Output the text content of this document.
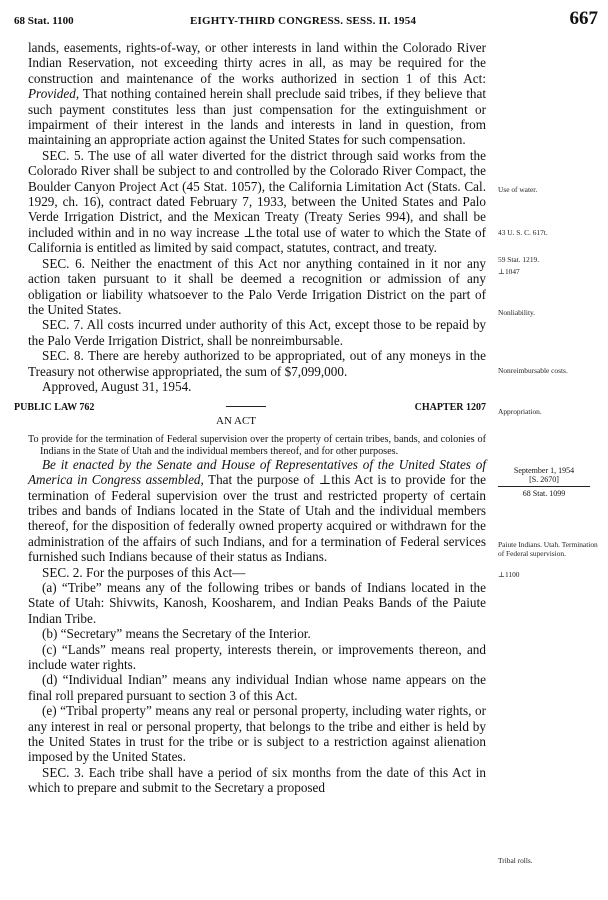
68 Stat. 1100	EIGHTY-THIRD CONGRESS. SESS. II. 1954	667

lands, easements, rights-of-way, or other interests in land within the Colorado River Indian Reservation, not exceeding thirty acres in all, as may be required for the construction and maintenance of the works authorized in section 1 of this Act: Provided, That nothing contained herein shall preclude said tribes, if they believe that such payment constitutes less than just compensation for the extinguishment or impairment of their interest in the lands and interests in land in question, from maintaining an appropriate action against the United States for such compensation.

SEC. 5. The use of all water diverted for the district through said works from the Colorado River shall be subject to and controlled by the Colorado River Compact, the Boulder Canyon Project Act (45 Stat. 1057), the California Limitation Act (Stats. Cal. 1929, ch. 16), contract dated February 7, 1933, between the United States and Palo Verde Irrigation District, and the Mexican Treaty (Treaty Series 994), and shall be included within and in no way increase ⊥the total use of water to which the State of California is entitled as limited by said compact, statutes, contract, and treaty.

SEC. 6. Neither the enactment of this Act nor anything contained in it nor any action taken pursuant to it shall be deemed a recognition or admission of any obligation or liability whatsoever to the Palo Verde Irrigation District on the part of the United States.

SEC. 7. All costs incurred under authority of this Act, except those to be repaid by the Palo Verde Irrigation District, shall be nonreimbursable.

SEC. 8. There are hereby authorized to be appropriated, out of any moneys in the Treasury not otherwise appropriated, the sum of $7,099,000.

Approved, August 31, 1954.

PUBLIC LAW 762
AN ACT
CHAPTER 1207

To provide for the termination of Federal supervision over the property of certain tribes, bands, and colonies of Indians in the State of Utah and the individual members thereof, and for other purposes.

Be it enacted by the Senate and House of Representatives of the United States of America in Congress assembled, That the purpose of ⊥this Act is to provide for the termination of Federal supervision over the trust and restricted property of certain tribes and bands of Indians located in the State of Utah and the individual members thereof, for the disposition of federally owned property acquired or withdrawn for the administration of the affairs of such Indians, and for a termination of Federal services furnished such Indians because of their status as Indians.

SEC. 2. For the purposes of this Act—

(a) “Tribe” means any of the following tribes or bands of Indians located in the State of Utah: Shivwits, Kanosh, Koosharem, and Indian Peaks Bands of the Paiute Indian Tribe.

(b) “Secretary” means the Secretary of the Interior.

(c) “Lands” means real property, interests therein, or improvements thereon, and include water rights.

(d) “Individual Indian” means any individual Indian whose name appears on the final roll prepared pursuant to section 3 of this Act.

(e) “Tribal property” means any real or personal property, including water rights, or any interest in real or personal property, that belongs to the tribe and either is held by the United States in trust for the tribe or is subject to a restriction against alienation imposed by the United States.

SEC. 3. Each tribe shall have a period of six months from the date of this Act in which to prepare and submit to the Secretary a proposed

Use of water.
43 U. S. C. 617t.
59 Stat. 1219.
⊥1047
Nonliability.
Nonreimbursable costs.
Appropriation.
Paiute Indians. Utah. Termination of Federal supervision.
⊥1100
Tribal rolls.
September 1, 1954
[S. 2670]
68 Stat. 1099
